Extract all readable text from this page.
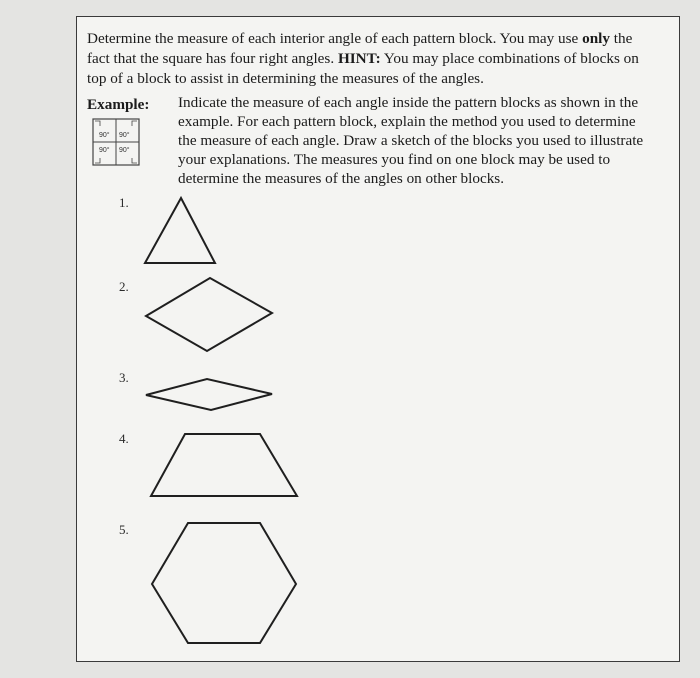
Determine the measure of each interior angle of each pattern block. You may use only the
fact that the square has four right angles. HINT: You may place combinations of blocks on
top of a block to assist in determining the measures of the angles.
Example: Indicate the measure of each angle inside the pattern blocks as shown in the
example. For each pattern block, explain the method you used to determine
the measure of each angle. Draw a sketch of the blocks you used to illustrate
your explanations. The measures you find on one block may be used to
determine the measures of the angles on other blocks.
90° 90°
90° 90°
1.
2.
3.
4.
5.
